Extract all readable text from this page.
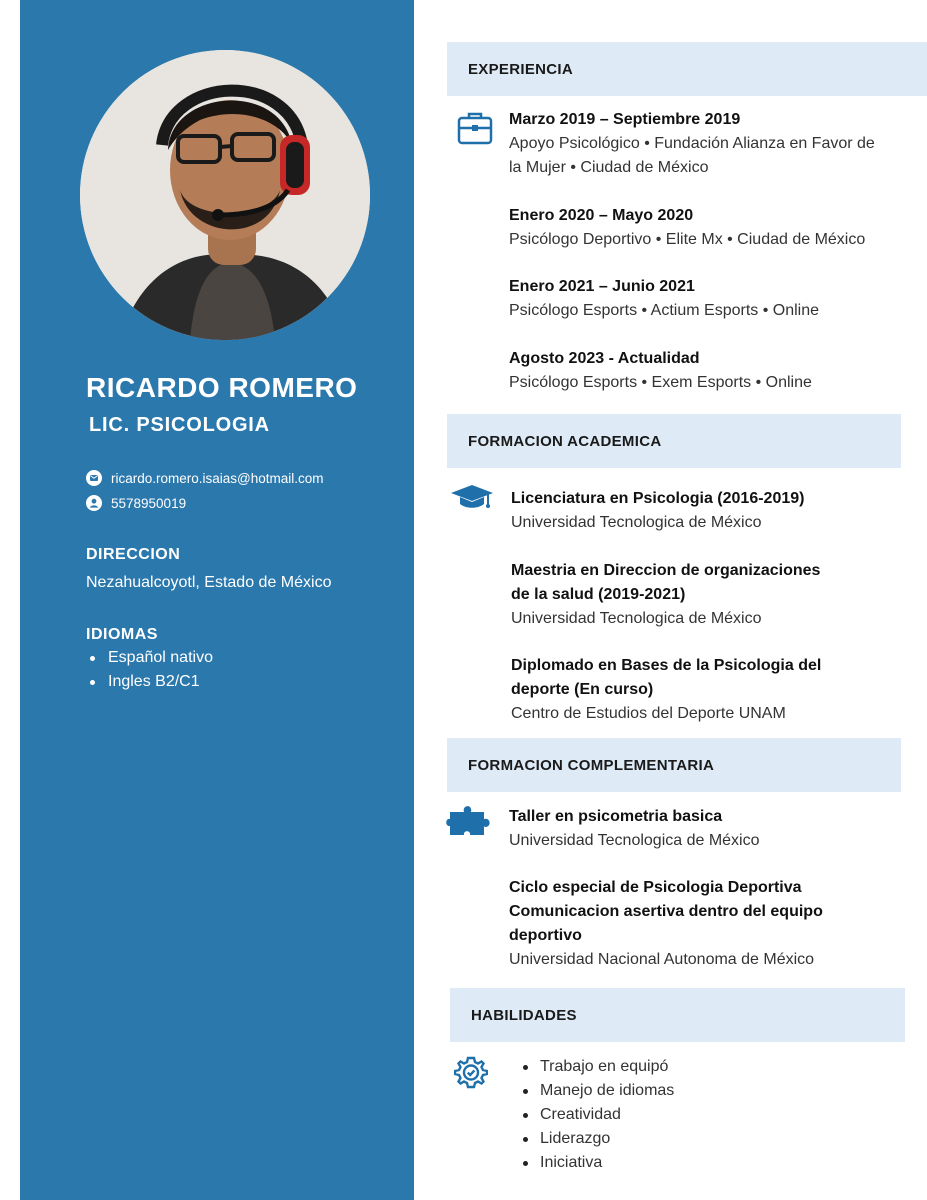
RICARDO ROMERO
LIC. PSICOLOGIA
ricardo.romero.isaias@hotmail.com
5578950019
DIRECCION
Nezahualcoyotl, Estado de México
IDIOMAS
Español nativo
Ingles B2/C1
EXPERIENCIA
Marzo 2019 – Septiembre 2019
Apoyo Psicológico • Fundación Alianza en Favor de
la Mujer • Ciudad de México
Enero 2020 – Mayo 2020
Psicólogo Deportivo • Elite Mx • Ciudad de México
Enero 2021 – Junio 2021
Psicólogo Esports • Actium Esports • Online
Agosto 2023 - Actualidad
Psicólogo Esports • Exem Esports • Online
FORMACION ACADEMICA
Licenciatura en Psicologia (2016-2019)
Universidad Tecnologica de México
Maestria en Direccion de organizaciones
de la salud (2019-2021)
Universidad Tecnologica de México
Diplomado en Bases de la Psicologia del
deporte (En curso)
Centro de Estudios del Deporte UNAM
FORMACION COMPLEMENTARIA
Taller en psicometria basica
Universidad Tecnologica de México
Ciclo especial de Psicologia Deportiva
Comunicacion asertiva dentro del equipo
deportivo
Universidad Nacional Autonoma de México
HABILIDADES
Trabajo en equipó
Manejo de idiomas
Creatividad
Liderazgo
Iniciativa
